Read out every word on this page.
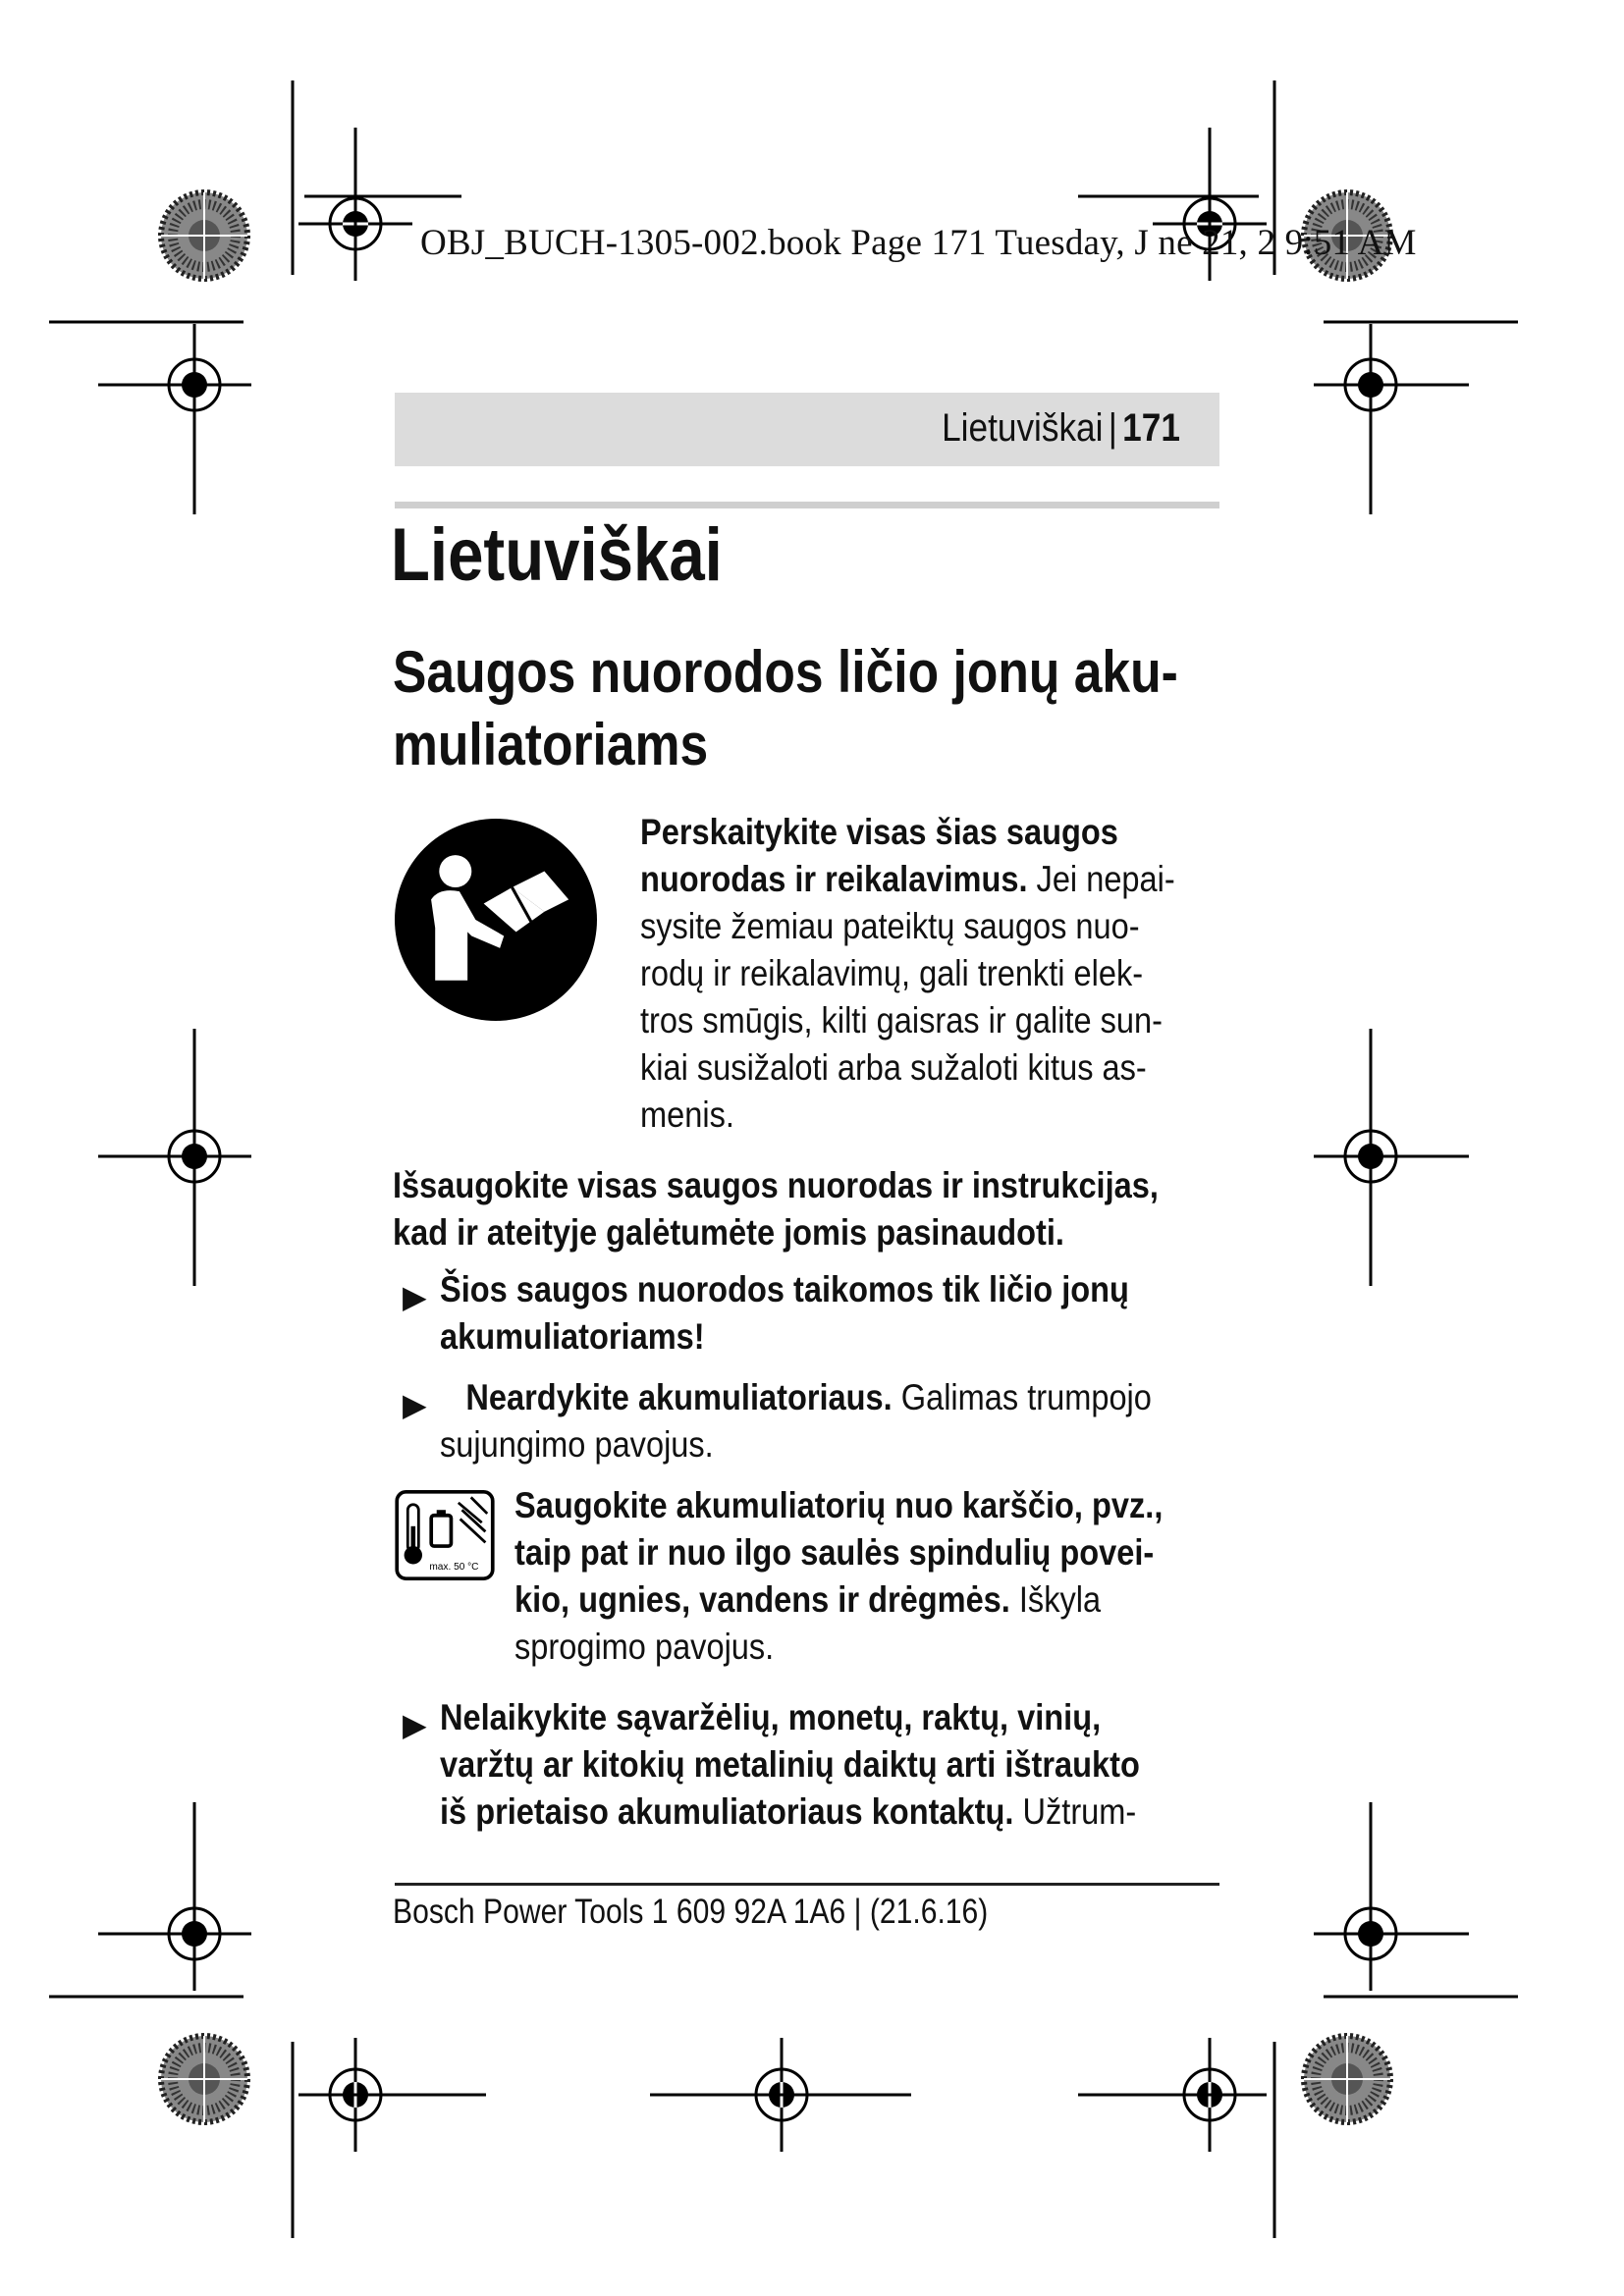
OBJ_BUCH-1305-002.book Page 171 Tuesday, J ne 21, 2 9:51 AM
Lietuviškai | 171
Lietuviškai
Saugos nuorodos ličio jonų aku-
muliatoriams
Perskaitykite visas šias saugos
nuorodas ir reikalavimus. Jei nepai-
sysite žemiau pateiktų saugos nuo-
rodų ir reikalavimų, gali trenkti elek-
tros smūgis, kilti gaisras ir galite sun-
kiai susižaloti arba sužaloti kitus as-
menis.
Išsaugokite visas saugos nuorodas ir instrukcijas,
kad ir ateityje galėtumėte jomis pasinaudoti.
▶ Šios saugos nuorodos taikomos tik ličio jonų
akumuliatoriams!
▶	Neardykite akumuliatoriaus. Galimas trumpojo
sujungimo pavojus.
max. 50 °C
Saugokite akumuliatorių nuo karščio, pvz.,
taip pat ir nuo ilgo saulės spindulių povei-
kio, ugnies, vandens ir drėgmės. Iškyla
sprogimo pavojus.
▶ Nelaikykite sąvaržėlių, monetų, raktų, vinių,
varžtų ar kitokių metalinių daiktų arti ištraukto
iš prietaiso akumuliatoriaus kontaktų. Užtrum-
Bosch Power Tools 1 609 92A 1A6 | (21.6.16)
